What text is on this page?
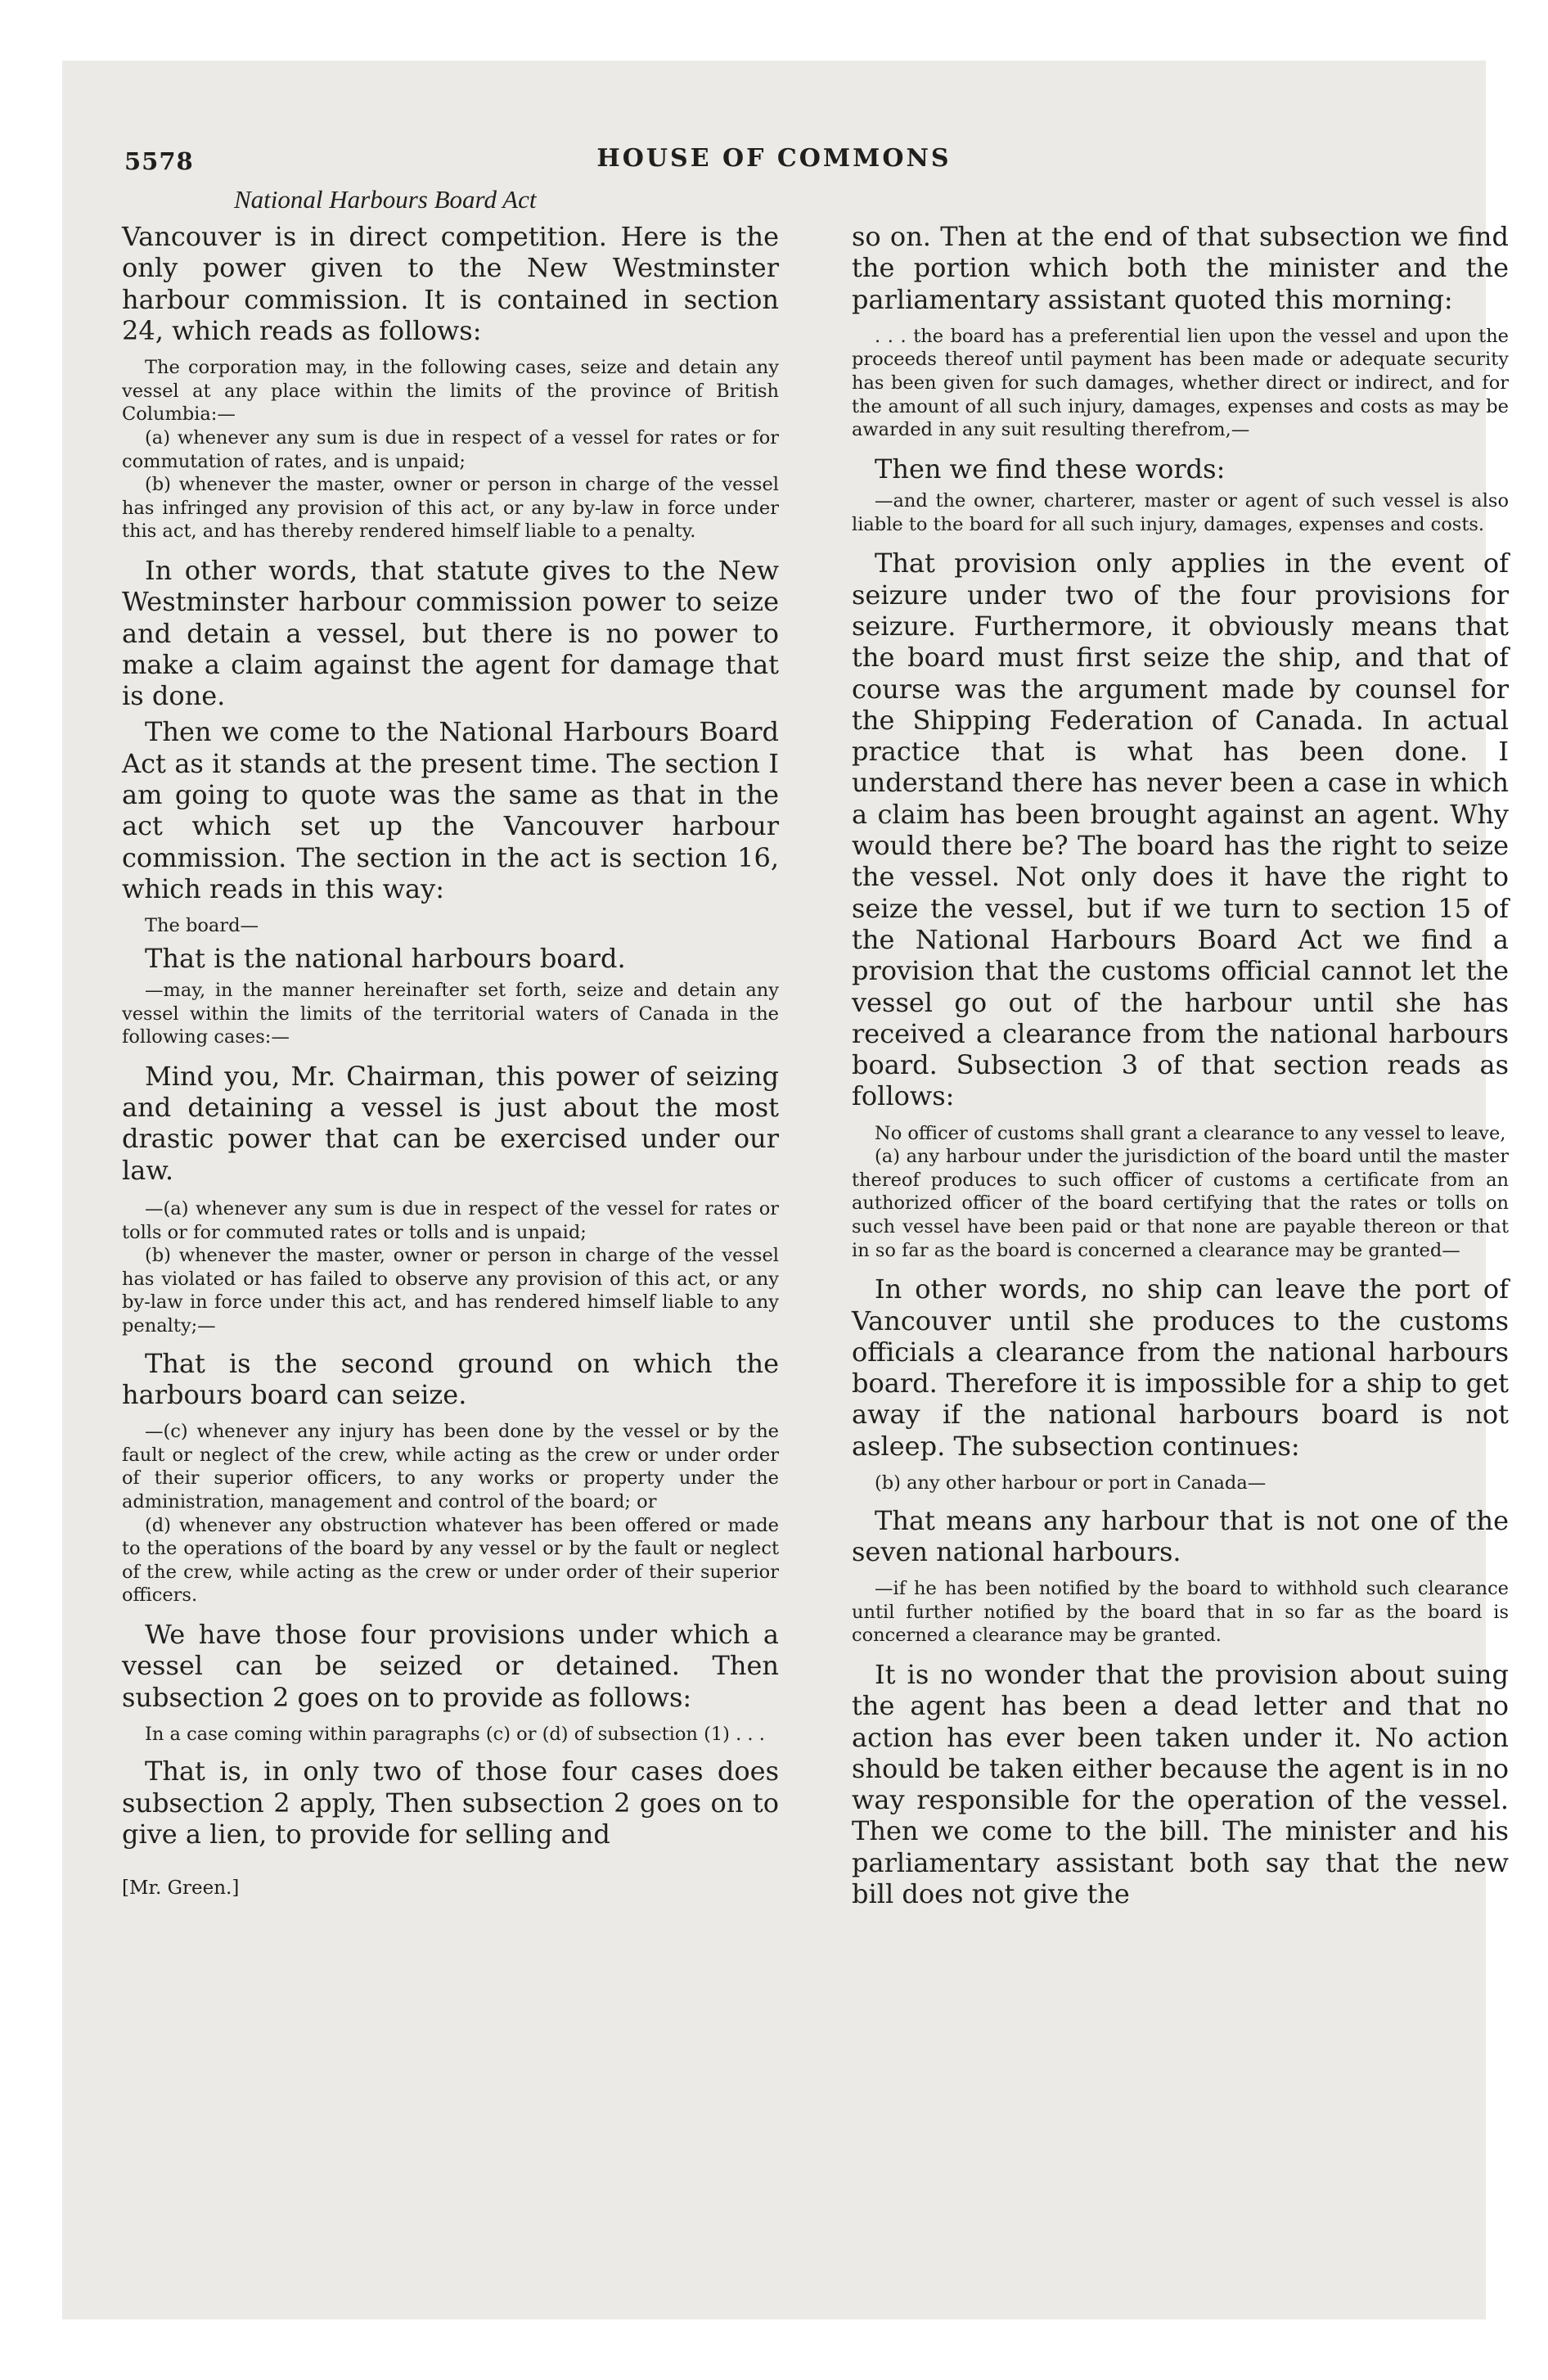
5578	HOUSE OF COMMONS
National Harbours Board Act

Vancouver is in direct competition. Here is the only power given to the New Westminster harbour commission. It is contained in section 24, which reads as follows:

The corporation may, in the following cases, seize and detain any vessel at any place within the limits of the province of British Columbia:—

(a) whenever any sum is due in respect of a vessel for rates or for commutation of rates, and is unpaid;

(b) whenever the master, owner or person in charge of the vessel has infringed any provision of this act, or any by-law in force under this act, and has thereby rendered himself liable to a penalty.

In other words, that statute gives to the New Westminster harbour commission power to seize and detain a vessel, but there is no power to make a claim against the agent for damage that is done.

Then we come to the National Harbours Board Act as it stands at the present time. The section I am going to quote was the same as that in the act which set up the Vancouver harbour commission. The section in the act is section 16, which reads in this way:

The board—

That is the national harbours board.

—may, in the manner hereinafter set forth, seize and detain any vessel within the limits of the territorial waters of Canada in the following cases:—

Mind you, Mr. Chairman, this power of seizing and detaining a vessel is just about the most drastic power that can be exercised under our law.

—(a) whenever any sum is due in respect of the vessel for rates or tolls or for commuted rates or tolls and is unpaid;

(b) whenever the master, owner or person in charge of the vessel has violated or has failed to observe any provision of this act, or any by-law in force under this act, and has rendered himself liable to any penalty;—

That is the second ground on which the harbours board can seize.

—(c) whenever any injury has been done by the vessel or by the fault or neglect of the crew, while acting as the crew or under order of their superior officers, to any works or property under the administration, management and control of the board; or

(d) whenever any obstruction whatever has been offered or made to the operations of the board by any vessel or by the fault or neglect of the crew, while acting as the crew or under order of their superior officers.

We have those four provisions under which a vessel can be seized or detained. Then subsection 2 goes on to provide as follows:

In a case coming within paragraphs (c) or (d) of subsection (1) . . .

That is, in only two of those four cases does subsection 2 apply, Then subsection 2 goes on to give a lien, to provide for selling and

[Mr. Green.]

so on. Then at the end of that subsection we find the portion which both the minister and the parliamentary assistant quoted this morning:

. . . the board has a preferential lien upon the vessel and upon the proceeds thereof until payment has been made or adequate security has been given for such damages, whether direct or indirect, and for the amount of all such injury, damages, expenses and costs as may be awarded in any suit resulting therefrom,—

Then we find these words:

—and the owner, charterer, master or agent of such vessel is also liable to the board for all such injury, damages, expenses and costs.

That provision only applies in the event of seizure under two of the four provisions for seizure. Furthermore, it obviously means that the board must first seize the ship, and that of course was the argument made by counsel for the Shipping Federation of Canada. In actual practice that is what has been done. I understand there has never been a case in which a claim has been brought against an agent. Why would there be? The board has the right to seize the vessel. Not only does it have the right to seize the vessel, but if we turn to section 15 of the National Harbours Board Act we find a provision that the customs official cannot let the vessel go out of the harbour until she has received a clearance from the national harbours board. Subsection 3 of that section reads as follows:

No officer of customs shall grant a clearance to any vessel to leave,

(a) any harbour under the jurisdiction of the board until the master thereof produces to such officer of customs a certificate from an authorized officer of the board certifying that the rates or tolls on such vessel have been paid or that none are payable thereon or that in so far as the board is concerned a clearance may be granted—

In other words, no ship can leave the port of Vancouver until she produces to the customs officials a clearance from the national harbours board. Therefore it is impossible for a ship to get away if the national harbours board is not asleep. The subsection continues:

(b) any other harbour or port in Canada—

That means any harbour that is not one of the seven national harbours.

—if he has been notified by the board to withhold such clearance until further notified by the board that in so far as the board is concerned a clearance may be granted.

It is no wonder that the provision about suing the agent has been a dead letter and that no action has ever been taken under it. No action should be taken either because the agent is in no way responsible for the operation of the vessel. Then we come to the bill. The minister and his parliamentary assistant both say that the new bill does not give the
